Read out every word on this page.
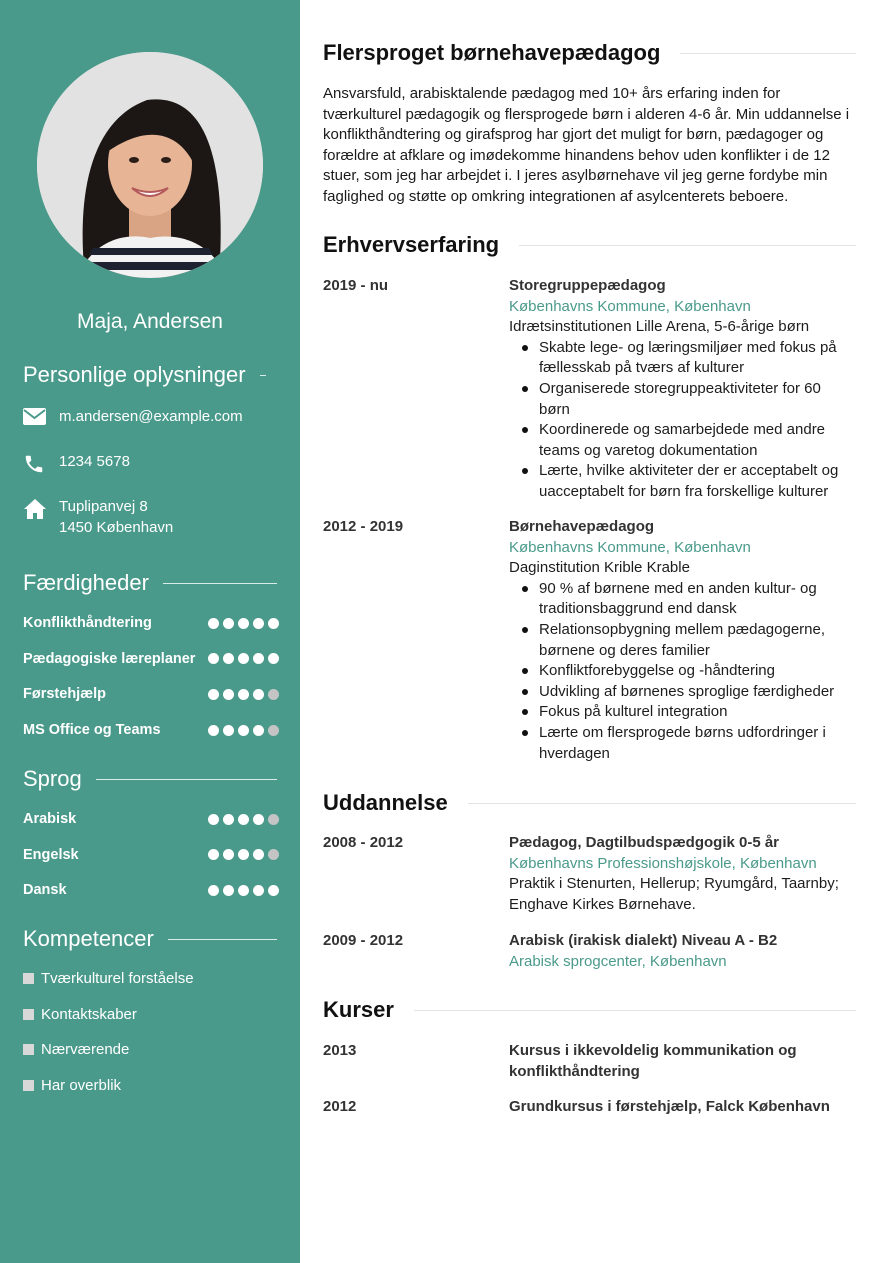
Maja, Andersen
Personlige oplysninger
m.andersen@example.com
1234 5678
Tuplipanvej 8
1450 København
Færdigheder
Konflikthåndtering
Pædagogiske læreplaner
Førstehjælp
MS Office og Teams
Sprog
Arabisk
Engelsk
Dansk
Kompetencer
Tværkulturel forståelse
Kontaktskaber
Nærværende
Har overblik
Flersproget børnehavepædagog

Ansvarsfuld, arabisktalende pædagog med 10+ års erfaring inden for tværkulturel pædagogik og flersprogede børn i alderen 4-6 år. Min uddannelse i konflikthåndtering og girafsprog har gjort det muligt for børn, pædagoger og forældre at afklare og imødekomme hinandens behov uden konflikter i de 12 stuer, som jeg har arbejdet i. I jeres asylbørnehave vil jeg gerne fordybe min faglighed og støtte op omkring integrationen af asylcenterets beboere.

Erhvervserfaring
2019 - nu	Storegruppepædagog
Københavns Kommune, København
Idrætsinstitutionen Lille Arena, 5-6-årige børn
Skabte lege- og læringsmiljøer med fokus på fællesskab på tværs af kulturer
Organiserede storegruppeaktiviteter for 60 børn
Koordinerede og samarbejdede med andre teams og varetog dokumentation
Lærte, hvilke aktiviteter der er acceptabelt og uacceptabelt for børn fra forskellige kulturer
2012 - 2019	Børnehavepædagog
Københavns Kommune, København
Daginstitution Krible Krable
90 % af børnene med en anden kultur- og traditionsbaggrund end dansk
Relationsopbygning mellem pædagogerne, børnene og deres familier
Konfliktforebyggelse og -håndtering
Udvikling af børnenes sproglige færdigheder
Fokus på kulturel integration
Lærte om flersprogede børns udfordringer i hverdagen
Uddannelse
2008 - 2012	Pædagog, Dagtilbudspædgogik 0-5 år
Københavns Professionshøjskole, København
Praktik i Stenurten, Hellerup; Ryumgård, Taarnby; Enghave Kirkes Børnehave.
2009 - 2012	Arabisk (irakisk dialekt) Niveau A - B2
Arabisk sprogcenter, København
Kurser
2013	Kursus i ikkevoldelig kommunikation og konflikthåndtering
2012	Grundkursus i førstehjælp, Falck København
